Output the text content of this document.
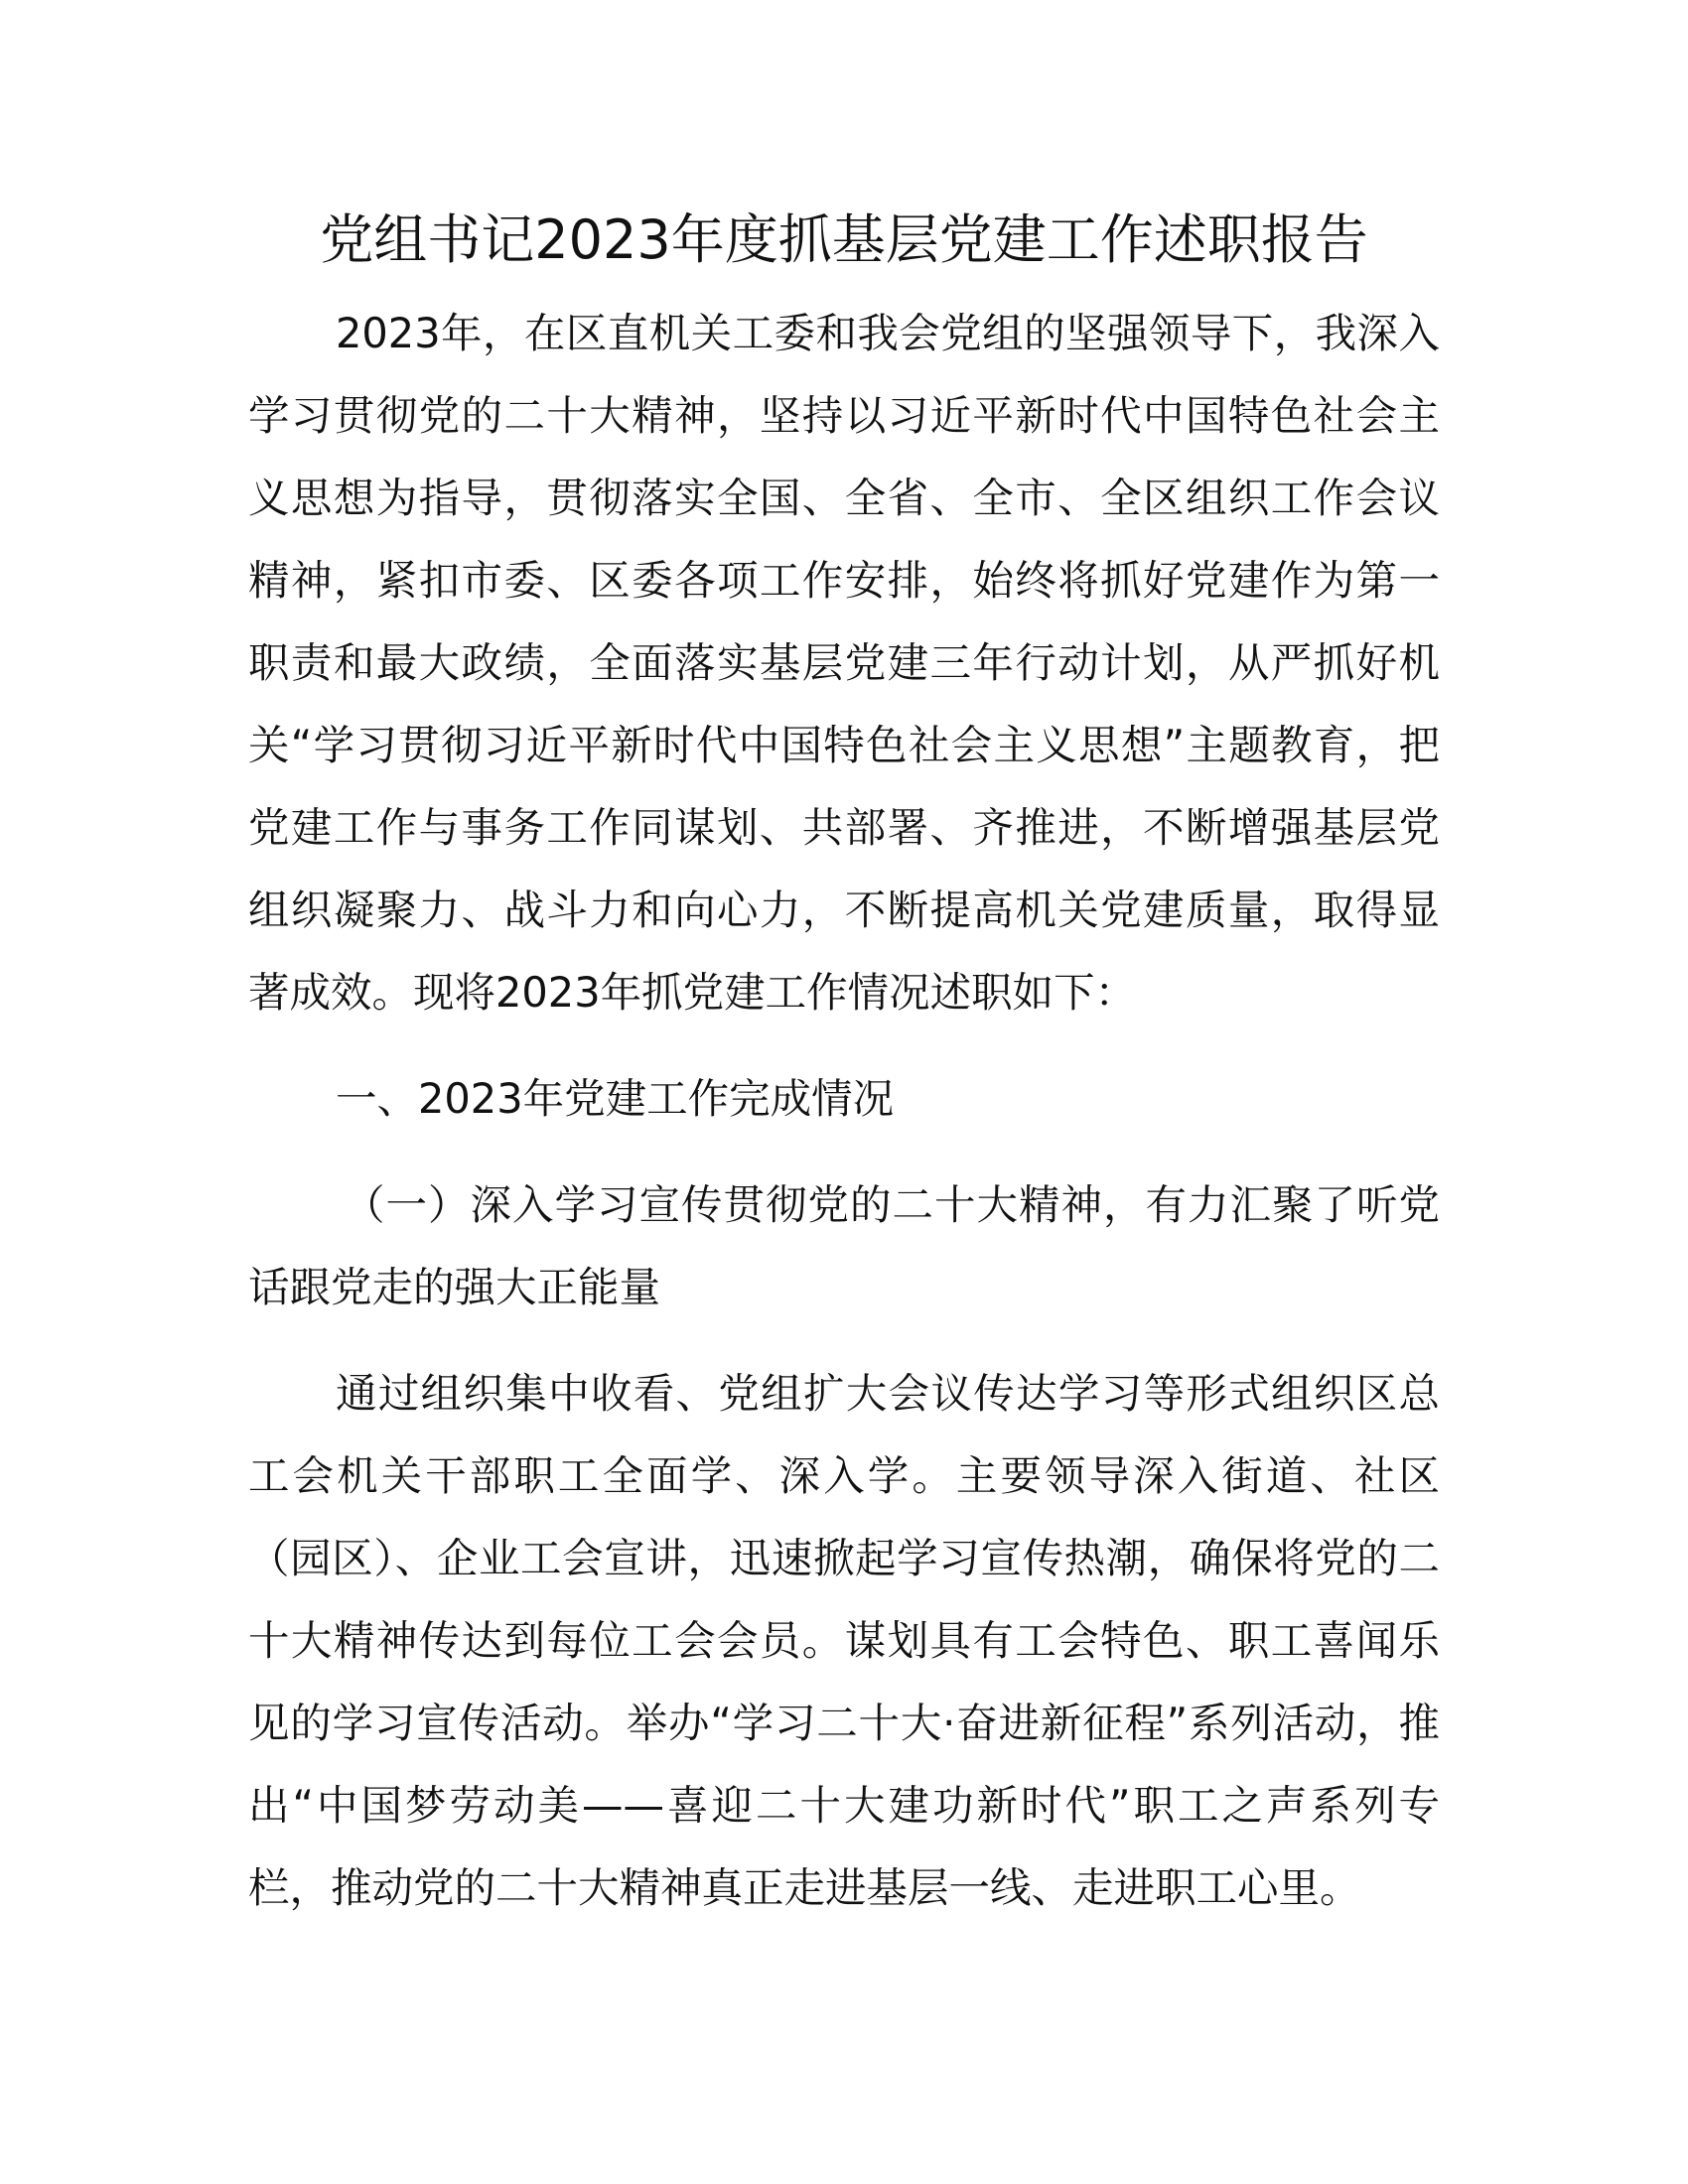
党组书记2023年度抓基层党建工作述职报告

2023年，在区直机关工委和我会党组的坚强领导下，我深入学习贯彻党的二十大精神，坚持以习近平新时代中国特色社会主义思想为指导，贯彻落实全国、全省、全市、全区组织工作会议精神，紧扣市委、区委各项工作安排，始终将抓好党建作为第一职责和最大政绩，全面落实基层党建三年行动计划，从严抓好机关“学习贯彻习近平新时代中国特色社会主义思想”主题教育，把党建工作与事务工作同谋划、共部署、齐推进，不断增强基层党组织凝聚力、战斗力和向心力，不断提高机关党建质量，取得显著成效。现将2023年抓党建工作情况述职如下：

一、2023年党建工作完成情况

（一）深入学习宣传贯彻党的二十大精神，有力汇聚了听党话跟党走的强大正能量

通过组织集中收看、党组扩大会议传达学习等形式组织区总工会机关干部职工全面学、深入学。主要领导深入街道、社区（园区）、企业工会宣讲，迅速掀起学习宣传热潮，确保将党的二十大精神传达到每位工会会员。谋划具有工会特色、职工喜闻乐见的学习宣传活动。举办“学习二十大·奋进新征程”系列活动，推出“中国梦劳动美——喜迎二十大建功新时代”职工之声系列专栏，推动党的二十大精神真正走进基层一线、走进职工心里。
